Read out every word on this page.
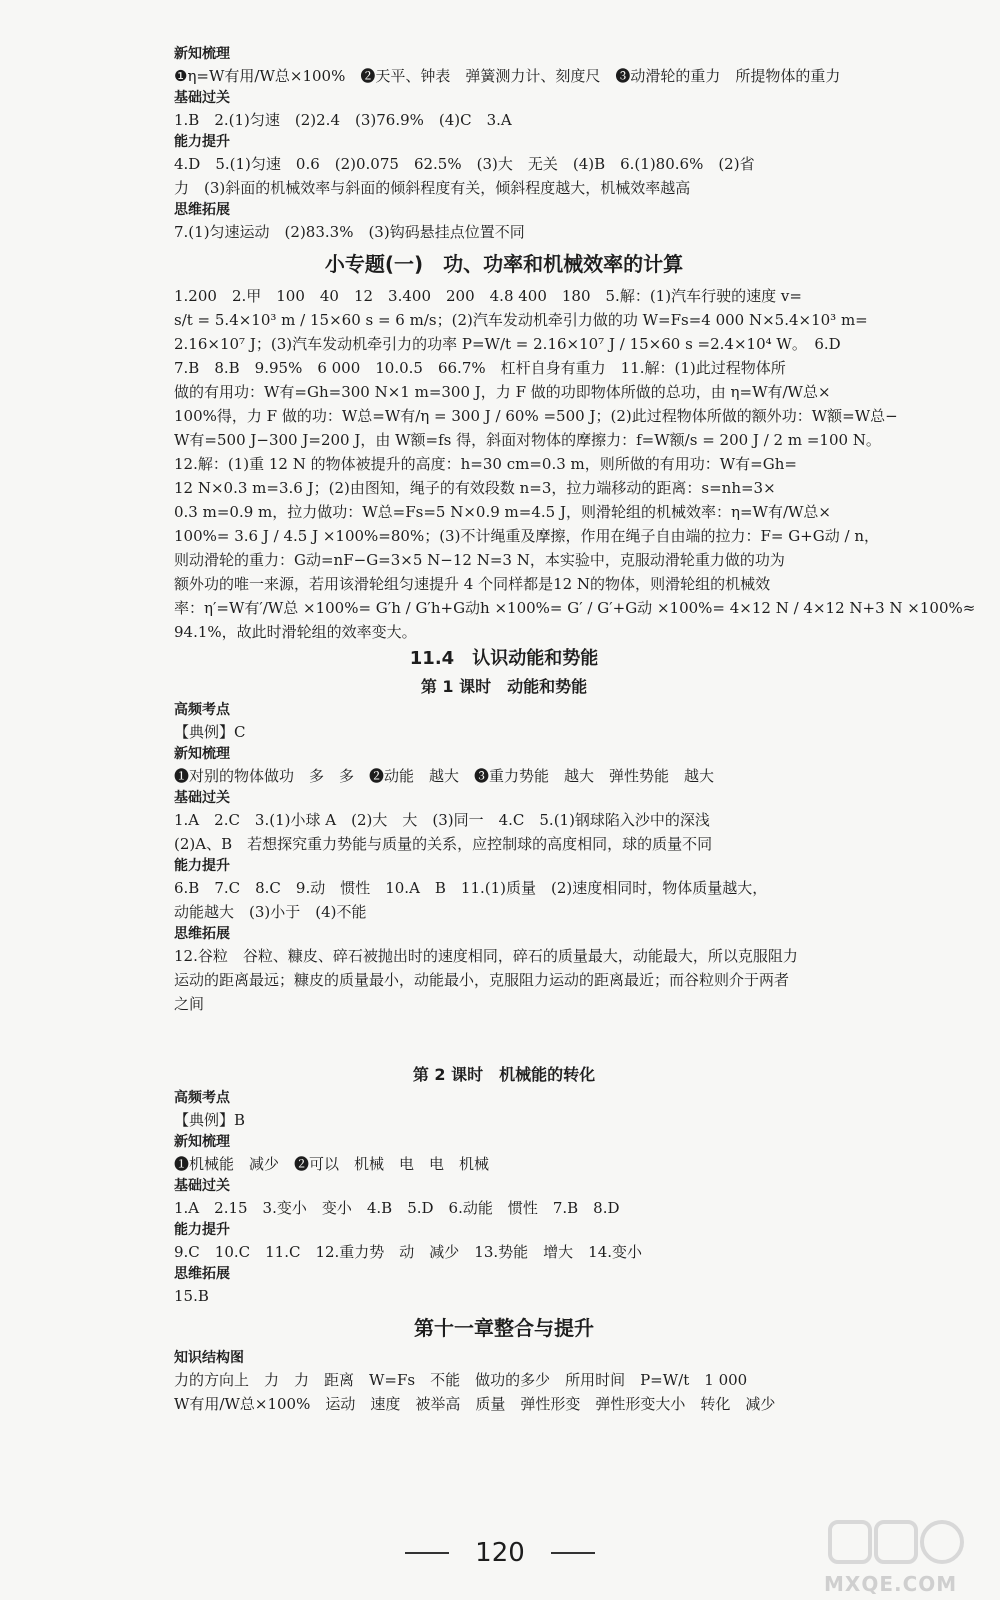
新知梳理

❶η=W有用/W总×100%　❷天平、钟表　弹簧测力计、刻度尺　❸动滑轮的重力　所提物体的重力

基础过关

1.B　2.(1)匀速　(2)2.4　(3)76.9%　(4)C　3.A

能力提升

4.D　5.(1)匀速　0.6　(2)0.075　62.5%　(3)大　无关　(4)B　6.(1)80.6%　(2)省

力　(3)斜面的机械效率与斜面的倾斜程度有关，倾斜程度越大，机械效率越高

思维拓展

7.(1)匀速运动　(2)83.3%　(3)钩码悬挂点位置不同

小专题(一)　功、功率和机械效率的计算

1.200　2.甲　100　40　12　3.400　200　4.8 400　180　5.解：(1)汽车行驶的速度 v=

s/t = 5.4×10³ m / 15×60 s = 6 m/s；(2)汽车发动机牵引力做的功 W=Fs=4 000 N×5.4×10³ m=

2.16×10⁷ J；(3)汽车发动机牵引力的功率 P=W/t = 2.16×10⁷ J / 15×60 s =2.4×10⁴ W。　6.D

7.B　8.B　9.95%　6 000　10.0.5　66.7%　杠杆自身有重力　11.解：(1)此过程物体所

做的有用功：W有=Gh=300 N×1 m=300 J，力 F 做的功即物体所做的总功，由 η=W有/W总×

100%得，力 F 做的功：W总=W有/η = 300 J / 60% =500 J；(2)此过程物体所做的额外功：W额=W总−

W有=500 J−300 J=200 J，由 W额=fs 得，斜面对物体的摩擦力：f=W额/s = 200 J / 2 m =100 N。

12.解：(1)重 12 N 的物体被提升的高度：h=30 cm=0.3 m，则所做的有用功：W有=Gh=

12 N×0.3 m=3.6 J；(2)由图知，绳子的有效段数 n=3，拉力端移动的距离：s=nh=3×

0.3 m=0.9 m，拉力做功：W总=Fs=5 N×0.9 m=4.5 J，则滑轮组的机械效率：η=W有/W总×

100%= 3.6 J / 4.5 J ×100%=80%；(3)不计绳重及摩擦，作用在绳子自由端的拉力：F= G+G动 / n，

则动滑轮的重力：G动=nF−G=3×5 N−12 N=3 N，本实验中，克服动滑轮重力做的功为

额外功的唯一来源，若用该滑轮组匀速提升 4 个同样都是12 N的物体，则滑轮组的机械效

率：η′=W有′/W总 ×100%= G′h / G′h+G动h ×100%= G′ / G′+G动 ×100%= 4×12 N / 4×12 N+3 N ×100%≈

94.1%，故此时滑轮组的效率变大。

11.4　认识动能和势能

第 1 课时　动能和势能

高频考点

【典例】C

新知梳理

❶对别的物体做功　多　多　❷动能　越大　❸重力势能　越大　弹性势能　越大

基础过关

1.A　2.C　3.(1)小球 A　(2)大　大　(3)同一　4.C　5.(1)钢球陷入沙中的深浅

(2)A、B　若想探究重力势能与质量的关系，应控制球的高度相同，球的质量不同

能力提升

6.B　7.C　8.C　9.动　惯性　10.A　B　11.(1)质量　(2)速度相同时，物体质量越大，

动能越大　(3)小于　(4)不能

思维拓展

12.谷粒　谷粒、糠皮、碎石被抛出时的速度相同，碎石的质量最大，动能最大，所以克服阻力

运动的距离最远；糠皮的质量最小，动能最小，克服阻力运动的距离最近；而谷粒则介于两者

之间

第 2 课时　机械能的转化

高频考点

【典例】B

新知梳理

❶机械能　减少　❷可以　机械　电　电　机械

基础过关

1.A　2.15　3.变小　变小　4.B　5.D　6.动能　惯性　7.B　8.D

能力提升

9.C　10.C　11.C　12.重力势　动　减少　13.势能　增大　14.变小

思维拓展

15.B

第十一章整合与提升

知识结构图

力的方向上　力　力　距离　W=Fs　不能　做功的多少　所用时间　P=W/t　1 000

W有用/W总×100%　运动　速度　被举高　质量　弹性形变　弹性形变大小　转化　减少

120
MXQE.COM
